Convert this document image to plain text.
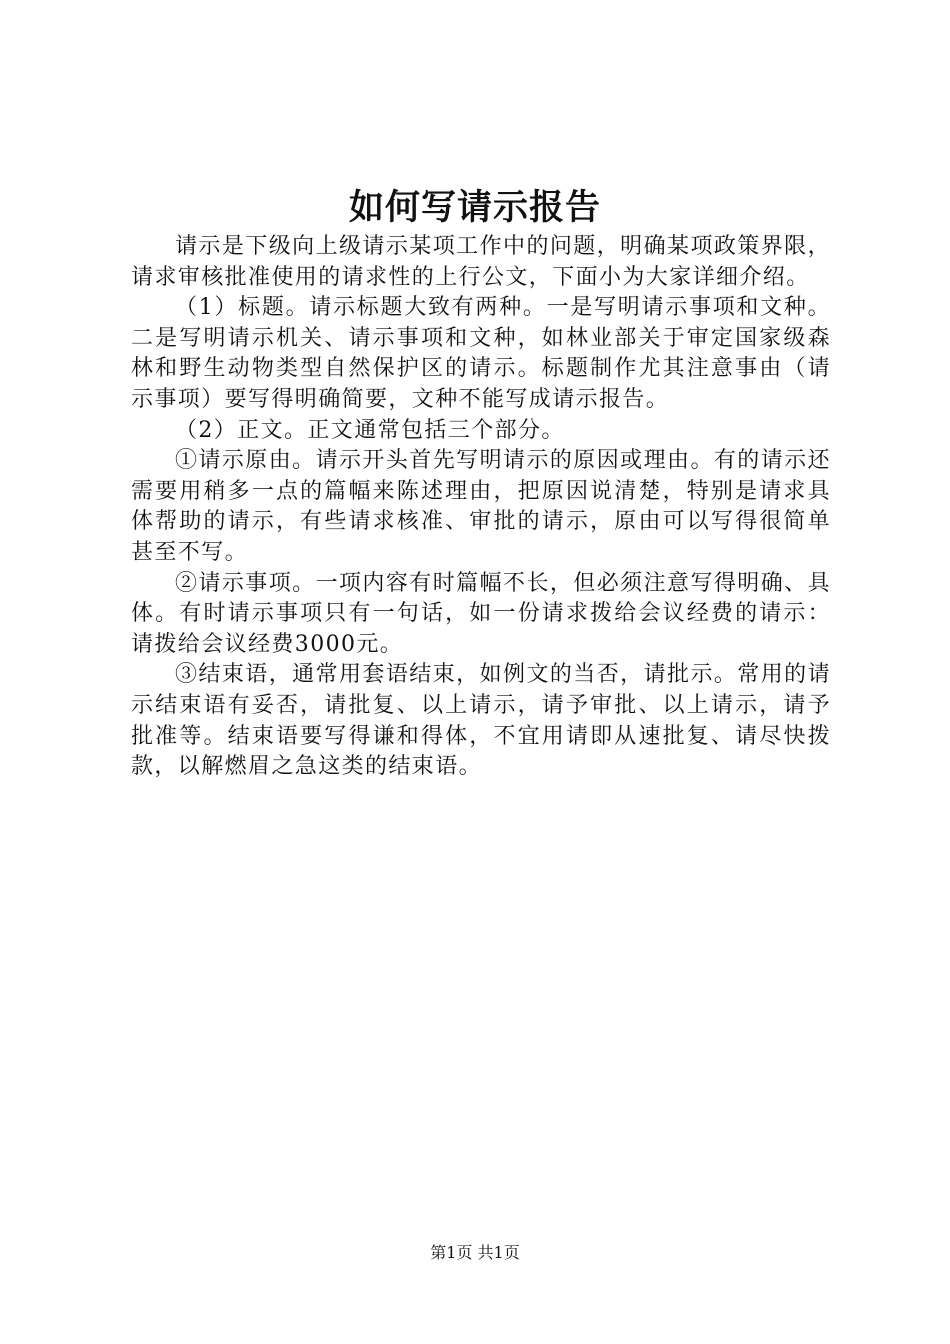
如何写请示报告

请示是下级向上级请示某项工作中的问题，明确某项政策界限，请求审核批准使用的请求性的上行公文，下面小为大家详细介绍。

（1）标题。请示标题大致有两种。一是写明请示事项和文种。二是写明请示机关、请示事项和文种，如林业部关于审定国家级森林和野生动物类型自然保护区的请示。标题制作尤其注意事由（请示事项）要写得明确简要，文种不能写成请示报告。

（2）正文。正文通常包括三个部分。

①请示原由。请示开头首先写明请示的原因或理由。有的请示还需要用稍多一点的篇幅来陈述理由，把原因说清楚，特别是请求具体帮助的请示，有些请求核准、审批的请示，原由可以写得很简单甚至不写。

②请示事项。一项内容有时篇幅不长，但必须注意写得明确、具体。有时请示事项只有一句话，如一份请求拨给会议经费的请示：请拨给会议经费3000元。

③结束语，通常用套语结束，如例文的当否，请批示。常用的请示结束语有妥否，请批复、以上请示，请予审批、以上请示，请予批准等。结束语要写得谦和得体，不宜用请即从速批复、请尽快拨款，以解燃眉之急这类的结束语。

第1页 共1页
